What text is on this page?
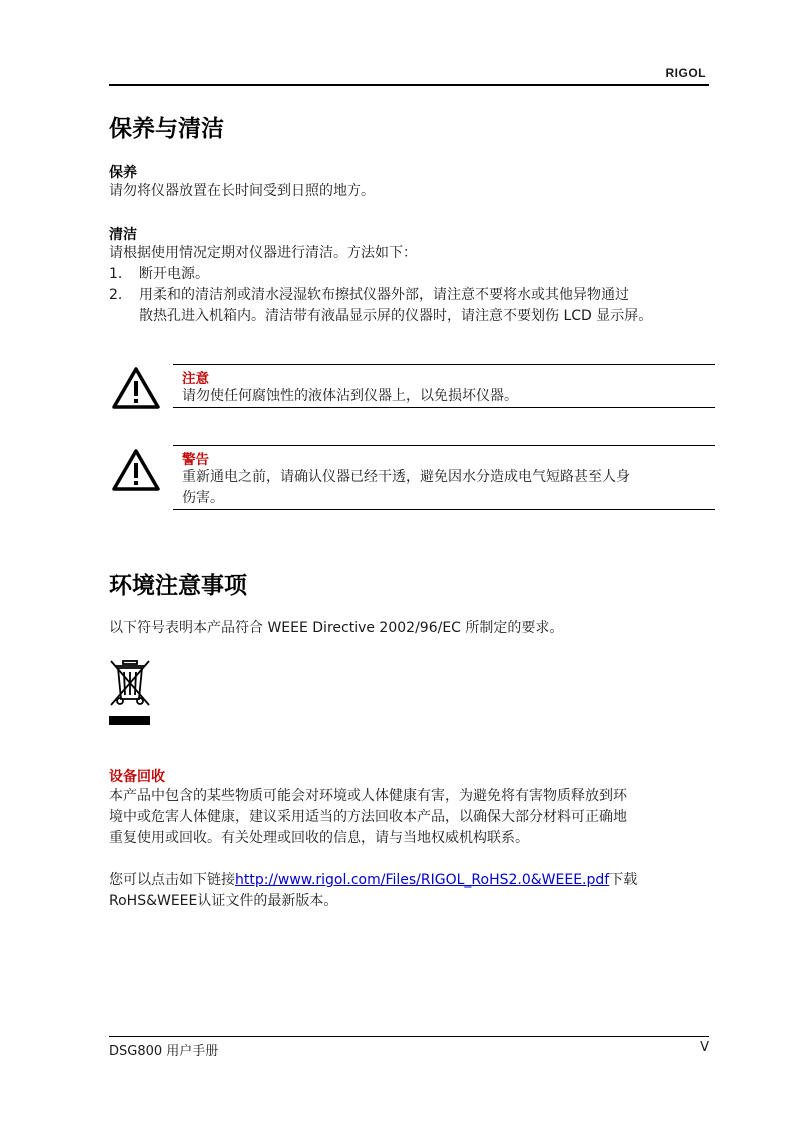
RIGOL
保养与清洁
保养
请勿将仪器放置在长时间受到日照的地方。
清洁
请根据使用情况定期对仪器进行清洁。方法如下：
1.	断开电源。
2.	用柔和的清洁剂或清水浸湿软布擦拭仪器外部，请注意不要将水或其他异物通过
散热孔进入机箱内。清洁带有液晶显示屏的仪器时，请注意不要划伤 LCD 显示屏。
注意
请勿使任何腐蚀性的液体沾到仪器上，以免损坏仪器。
警告
重新通电之前，请确认仪器已经干透，避免因水分造成电气短路甚至人身
伤害。
环境注意事项
以下符号表明本产品符合 WEEE Directive 2002/96/EC 所制定的要求。
设备回收
本产品中包含的某些物质可能会对环境或人体健康有害，为避免将有害物质释放到环
境中或危害人体健康，建议采用适当的方法回收本产品，以确保大部分材料可正确地
重复使用或回收。有关处理或回收的信息，请与当地权威机构联系。
您可以点击如下链接http://www.rigol.com/Files/RIGOL_RoHS2.0&WEEE.pdf下载
RoHS&WEEE认证文件的最新版本。
DSG800 用户手册	V
